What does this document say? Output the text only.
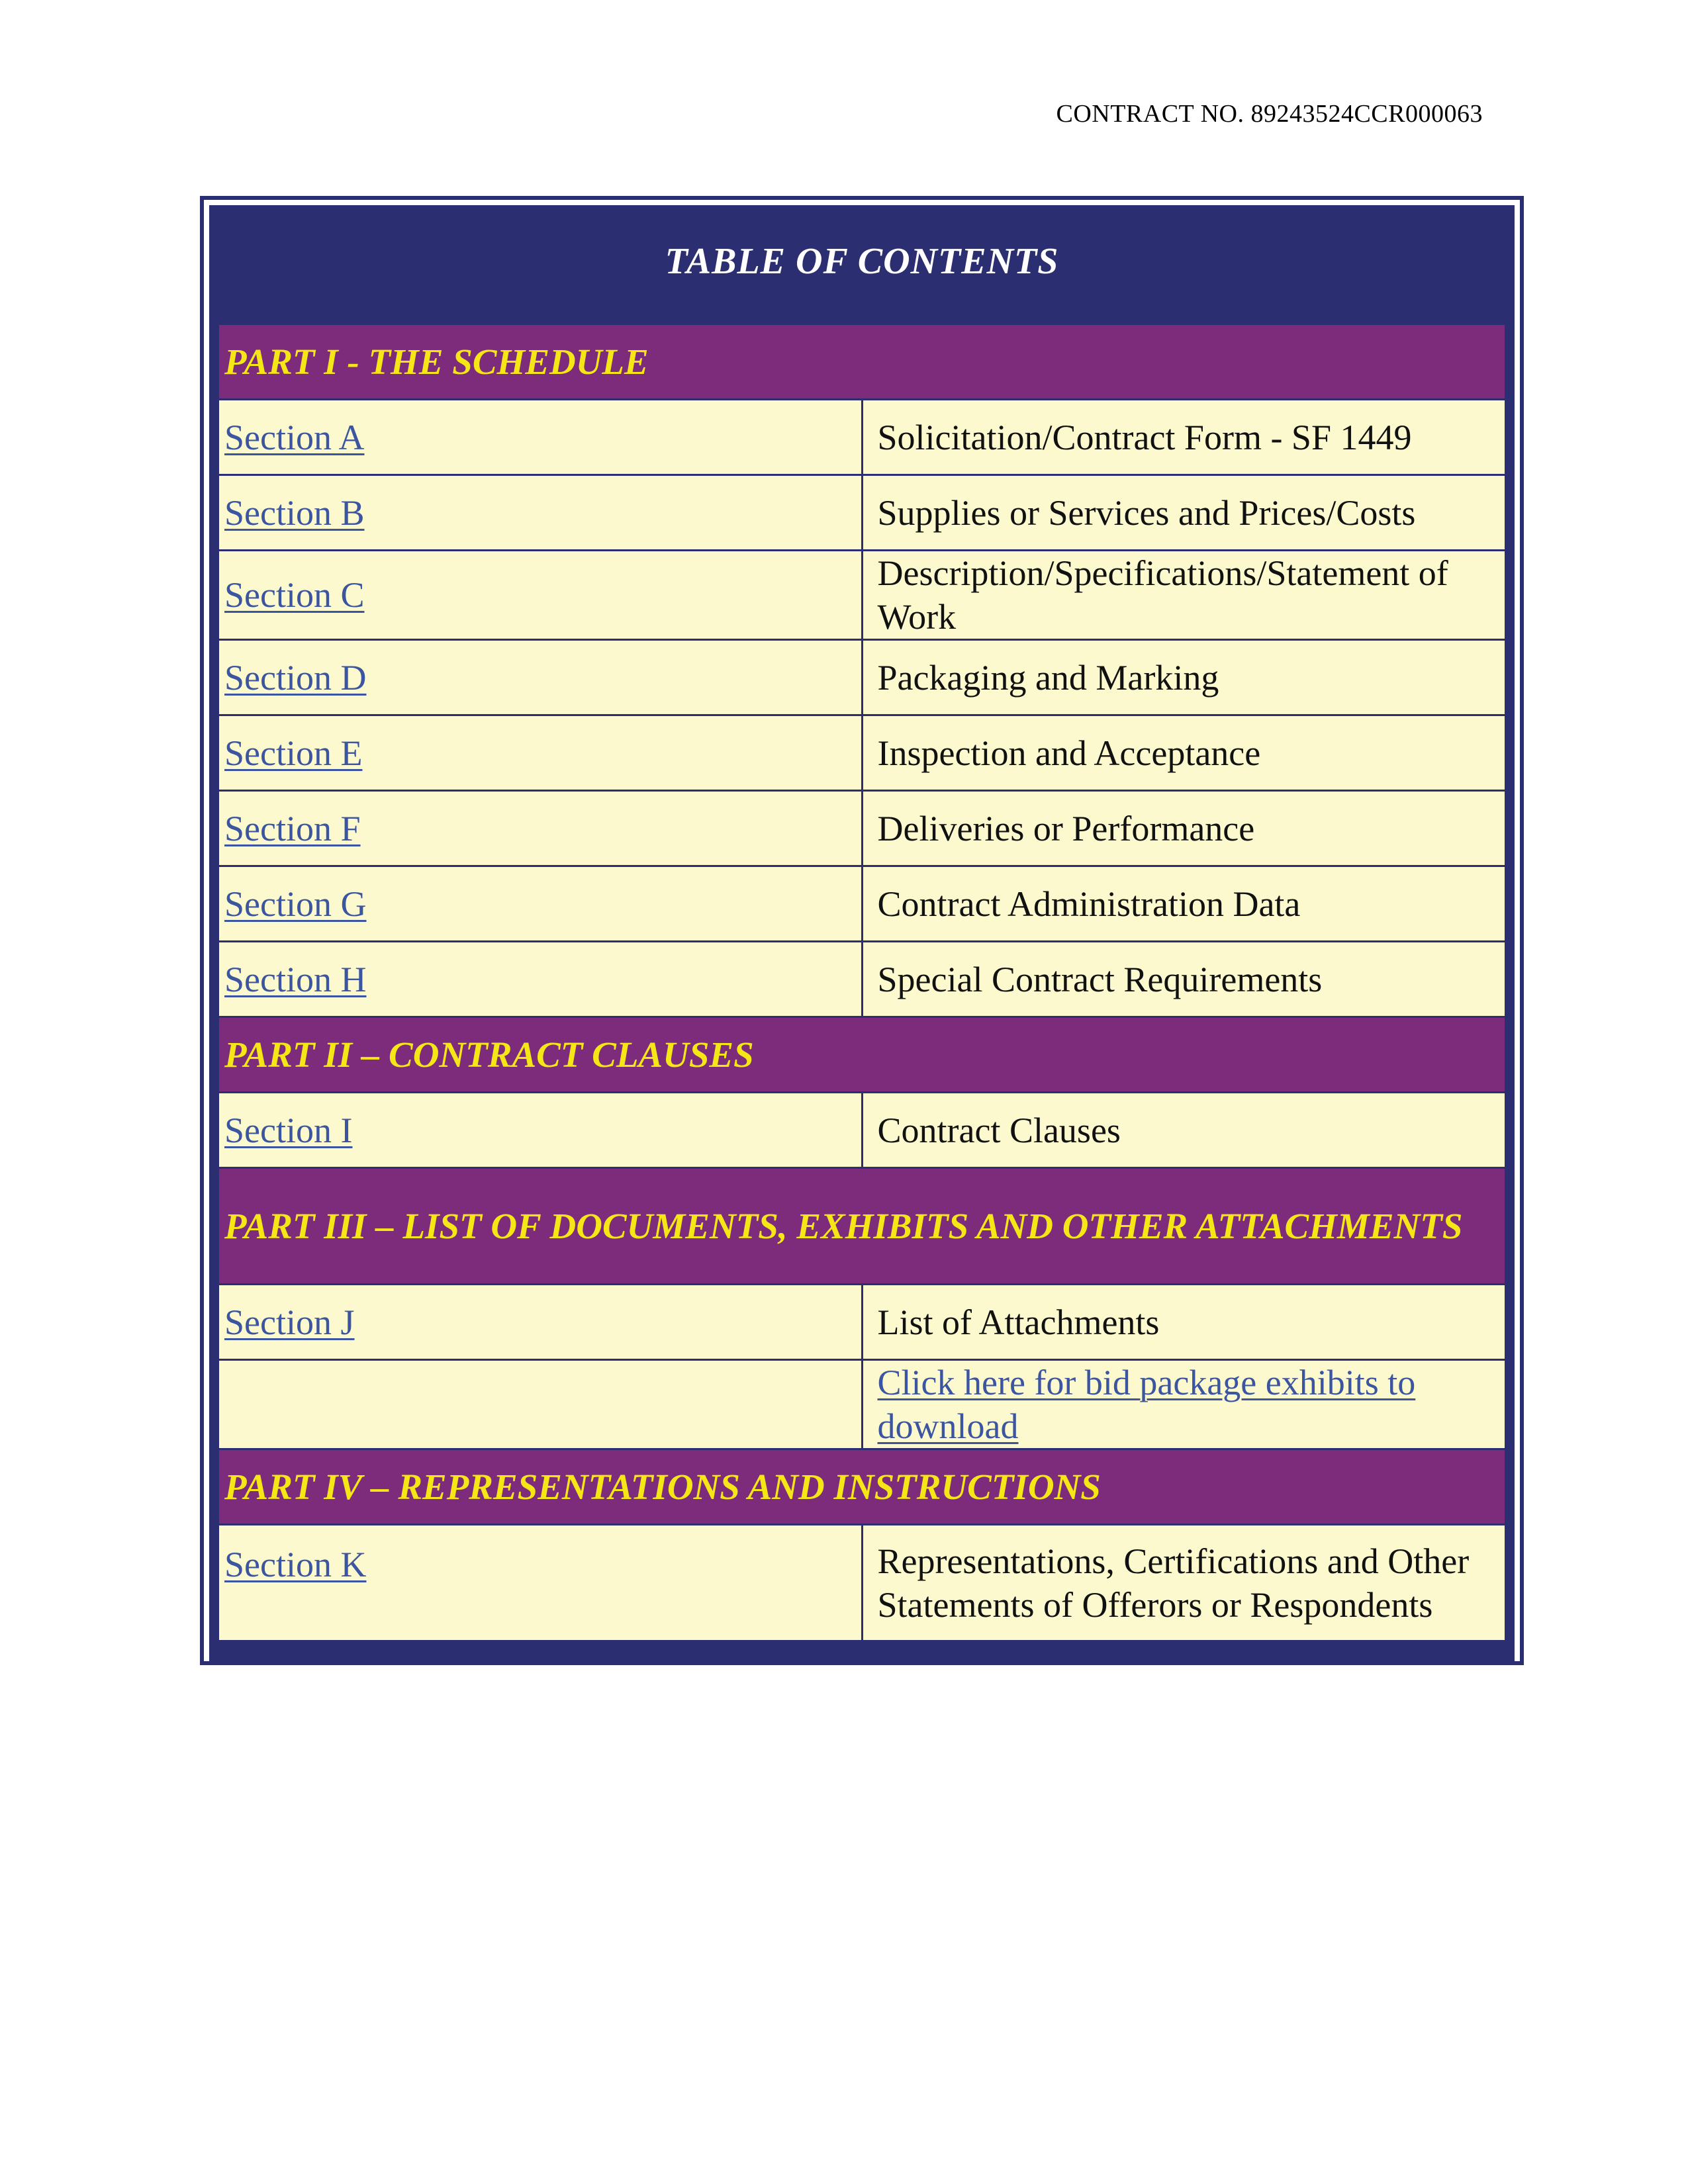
CONTRACT NO. 89243524CCR000063
TABLE OF CONTENTS
PART I - THE SCHEDULE	
Section A	Solicitation/Contract Form - SF 1449
Section B	Supplies or Services and Prices/Costs
Section C	Description/Specifications/Statement of Work
Section D	Packaging and Marking
Section E	Inspection and Acceptance
Section F	Deliveries or Performance
Section G	Contract Administration Data
Section H	Special Contract Requirements
PART II – CONTRACT CLAUSES	
Section I	Contract Clauses
PART III – LIST OF DOCUMENTS, EXHIBITS AND OTHER ATTACHMENTS	
Section J	List of Attachments
	Click here for bid package exhibits to download
PART IV – REPRESENTATIONS AND INSTRUCTIONS	
Section K	Representations, Certifications and Other Statements of Offerors or Respondents
